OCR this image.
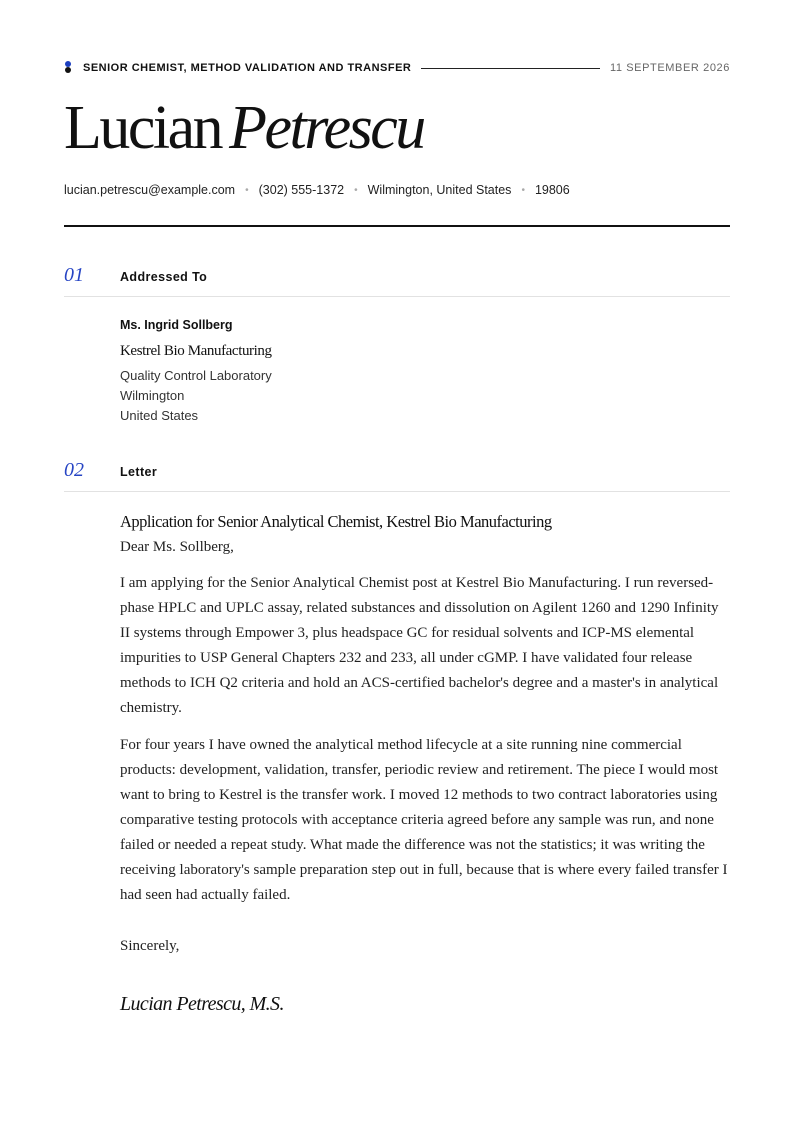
SENIOR CHEMIST, METHOD VALIDATION AND TRANSFER	11 SEPTEMBER 2026
Lucian Petrescu
lucian.petrescu@example.com • (302) 555-1372 • Wilmington, United States • 19806
01	Addressed To
Ms. Ingrid Sollberg
Kestrel Bio Manufacturing
Quality Control Laboratory
Wilmington
United States
02	Letter
Application for Senior Analytical Chemist, Kestrel Bio Manufacturing
Dear Ms. Sollberg,

I am applying for the Senior Analytical Chemist post at Kestrel Bio Manufacturing. I run reversed-phase HPLC and UPLC assay, related substances and dissolution on Agilent 1260 and 1290 Infinity II systems through Empower 3, plus headspace GC for residual solvents and ICP-MS elemental impurities to USP General Chapters 232 and 233, all under cGMP. I have validated four release methods to ICH Q2 criteria and hold an ACS-certified bachelor's degree and a master's in analytical chemistry.

For four years I have owned the analytical method lifecycle at a site running nine commercial products: development, validation, transfer, periodic review and retirement. The piece I would most want to bring to Kestrel is the transfer work. I moved 12 methods to two contract laboratories using comparative testing protocols with acceptance criteria agreed before any sample was run, and none failed or needed a repeat study. What made the difference was not the statistics; it was writing the receiving laboratory's sample preparation step out in full, because that is where every failed transfer I had seen had actually failed.

Sincerely,
Lucian Petrescu, M.S.
